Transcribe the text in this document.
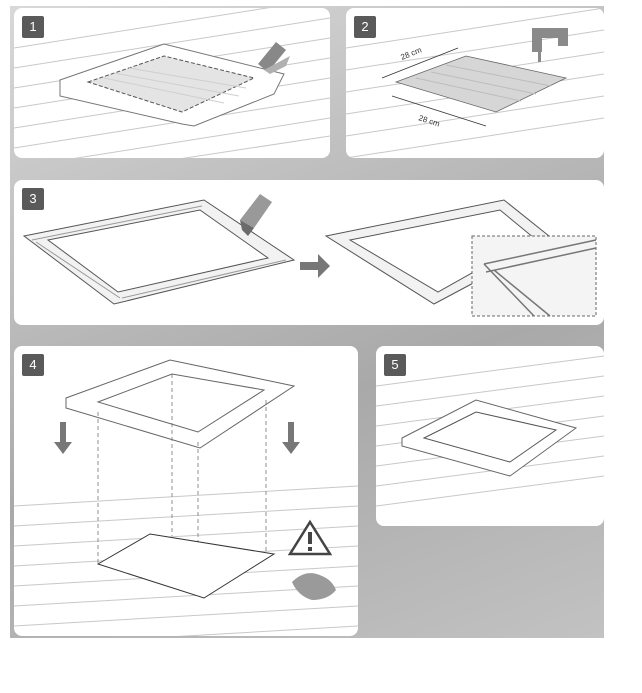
1	2
28 cm
28 cm
3
4	5
